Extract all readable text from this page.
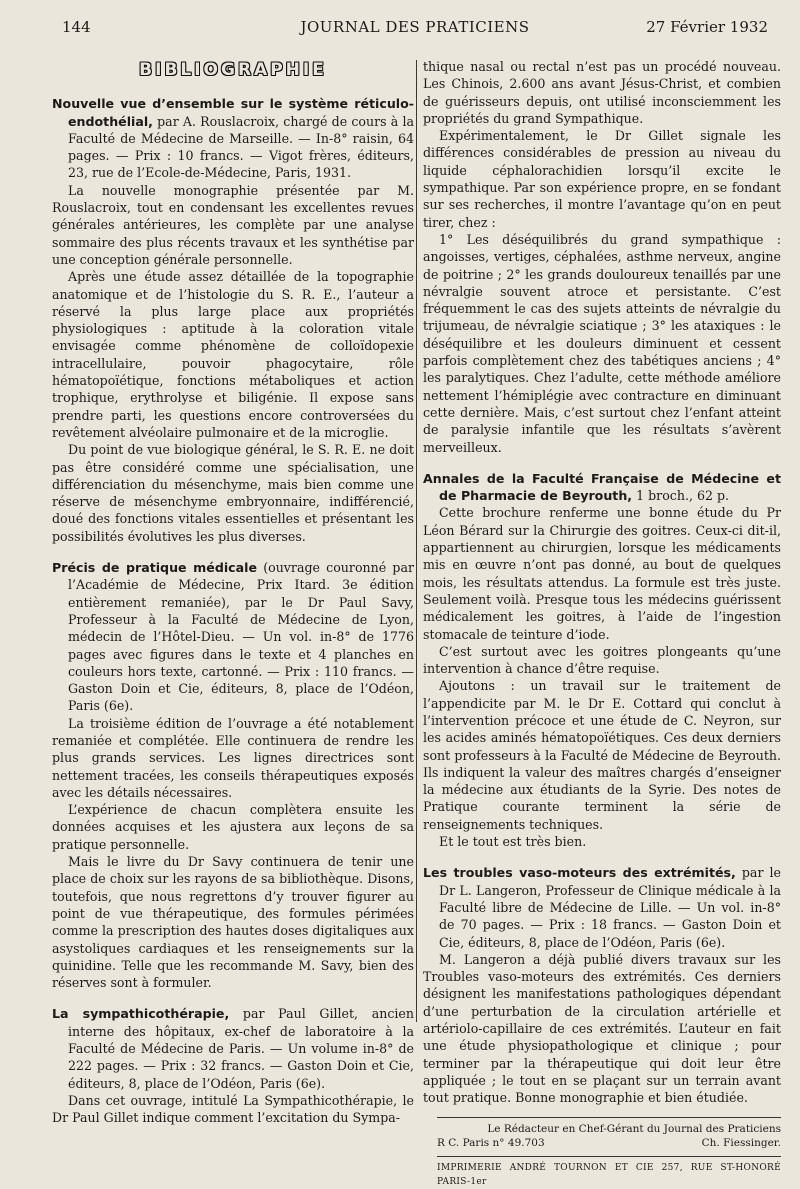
144	JOURNAL DES PRATICIENS	27 Février 1932
BIBLIOGRAPHIE

Nouvelle vue d’ensemble sur le système réticulo-endothélial, par A. Rouslacroix, chargé de cours à la Faculté de Médecine de Marseille. — In-8° raisin, 64 pages. — Prix : 10 francs. — Vigot frères, éditeurs, 23, rue de l’Ecole-de-Médecine, Paris, 1931.

La nouvelle monographie présentée par M. Rouslacroix, tout en condensant les excellentes revues générales antérieures, les complète par une analyse sommaire des plus récents travaux et les synthétise par une conception générale personnelle.

Après une étude assez détaillée de la topographie anatomique et de l’histologie du S. R. E., l’auteur a réservé la plus large place aux propriétés physiologiques : aptitude à la coloration vitale envisagée comme phénomène de colloïdopexie intracellulaire, pouvoir phagocytaire, rôle hématopoïétique, fonctions métaboliques et action trophique, erythrolyse et biligénie. Il expose sans prendre parti, les questions encore controversées du revêtement alvéolaire pulmonaire et de la microglie.

Du point de vue biologique général, le S. R. E. ne doit pas être considéré comme une spécialisation, une différenciation du mésenchyme, mais bien comme une réserve de mésenchyme embryonnaire, indifférencié, doué des fonctions vitales essentielles et présentant les possibilités évolutives les plus diverses.

Précis de pratique médicale (ouvrage couronné par l’Académie de Médecine, Prix Itard. 3e édition entièrement remaniée), par le Dr Paul Savy, Professeur à la Faculté de Médecine de Lyon, médecin de l’Hôtel-Dieu. — Un vol. in-8° de 1776 pages avec figures dans le texte et 4 planches en couleurs hors texte, cartonné. — Prix : 110 francs. — Gaston Doin et Cie, éditeurs, 8, place de l’Odéon, Paris (6e).

La troisième édition de l’ouvrage a été notablement remaniée et complétée. Elle continuera de rendre les plus grands services. Les lignes directrices sont nettement tracées, les conseils thérapeutiques exposés avec les détails nécessaires.

L’expérience de chacun complètera ensuite les données acquises et les ajustera aux leçons de sa pratique personnelle.

Mais le livre du Dr Savy continuera de tenir une place de choix sur les rayons de sa bibliothèque. Disons, toutefois, que nous regrettons d’y trouver figurer au point de vue thérapeutique, des formules périmées comme la prescription des hautes doses digitaliques aux asystoliques cardiaques et les renseignements sur la quinidine. Telle que les recommande M. Savy, bien des réserves sont à formuler.

La sympathicothérapie, par Paul Gillet, ancien interne des hôpitaux, ex-chef de laboratoire à la Faculté de Médecine de Paris. — Un volume in-8° de 222 pages. — Prix : 32 francs. — Gaston Doin et Cie, éditeurs, 8, place de l’Odéon, Paris (6e).

Dans cet ouvrage, intitulé La Sympathicothérapie, le Dr Paul Gillet indique comment l’excitation du Sympa-

thique nasal ou rectal n’est pas un procédé nouveau. Les Chinois, 2.600 ans avant Jésus-Christ, et combien de guérisseurs depuis, ont utilisé inconsciemment les propriétés du grand Sympathique.

Expérimentalement, le Dr Gillet signale les différences considérables de pression au niveau du liquide céphalorachidien lorsqu’il excite le sympathique. Par son expérience propre, en se fondant sur ses recherches, il montre l’avantage qu’on en peut tirer, chez :

1° Les déséquilibrés du grand sympathique : angoisses, vertiges, céphalées, asthme nerveux, angine de poitrine ; 2° les grands douloureux tenaillés par une névralgie souvent atroce et persistante. C’est fréquemment le cas des sujets atteints de névralgie du trijumeau, de névralgie sciatique ; 3° les ataxiques : le déséquilibre et les douleurs diminuent et cessent parfois complètement chez des tabétiques anciens ; 4° les paralytiques. Chez l’adulte, cette méthode améliore nettement l’hémiplégie avec contracture en diminuant cette dernière. Mais, c’est surtout chez l’enfant atteint de paralysie infantile que les résultats s’avèrent merveilleux.

Annales de la Faculté Française de Médecine et de Pharmacie de Beyrouth, 1 broch., 62 p.

Cette brochure renferme une bonne étude du Pr Léon Bérard sur la Chirurgie des goitres. Ceux-ci dit-il, appartiennent au chirurgien, lorsque les médicaments mis en œuvre n’ont pas donné, au bout de quelques mois, les résultats attendus. La formule est très juste. Seulement voilà. Presque tous les médecins guérissent médicalement les goitres, à l’aide de l’ingestion stomacale de teinture d’iode.

C’est surtout avec les goitres plongeants qu’une intervention à chance d’être requise.

Ajoutons : un travail sur le traitement de l’appendicite par M. le Dr E. Cottard qui conclut à l’intervention précoce et une étude de C. Neyron, sur les acides aminés hématopoïétiques. Ces deux derniers sont professeurs à la Faculté de Médecine de Beyrouth. Ils indiquent la valeur des maîtres chargés d’enseigner la médecine aux étudiants de la Syrie. Des notes de Pratique courante terminent la série de renseignements techniques.

Et le tout est très bien.

Les troubles vaso-moteurs des extrémités, par le Dr L. Langeron, Professeur de Clinique médicale à la Faculté libre de Médecine de Lille. — Un vol. in-8° de 70 pages. — Prix : 18 francs. — Gaston Doin et Cie, éditeurs, 8, place de l’Odéon, Paris (6e).

M. Langeron a déjà publié divers travaux sur les Troubles vaso-moteurs des extrémités. Ces derniers désignent les manifestations pathologiques dépendant d’une perturbation de la circulation artérielle et artériolo-capillaire de ces extrémités. L’auteur en fait une étude physiopathologique et clinique ; pour terminer par la thérapeutique qui doit leur être appliquée ; le tout en se plaçant sur un terrain avant tout pratique. Bonne monographie et bien étudiée.

Le Rédacteur en Chef-Gérant du Journal des Praticiens
R C. Paris n° 49.703	Ch. Fiessinger.
IMPRIMERIE ANDRÉ TOURNON ET CIE 257, RUE ST-HONORÉ PARIS-1er
